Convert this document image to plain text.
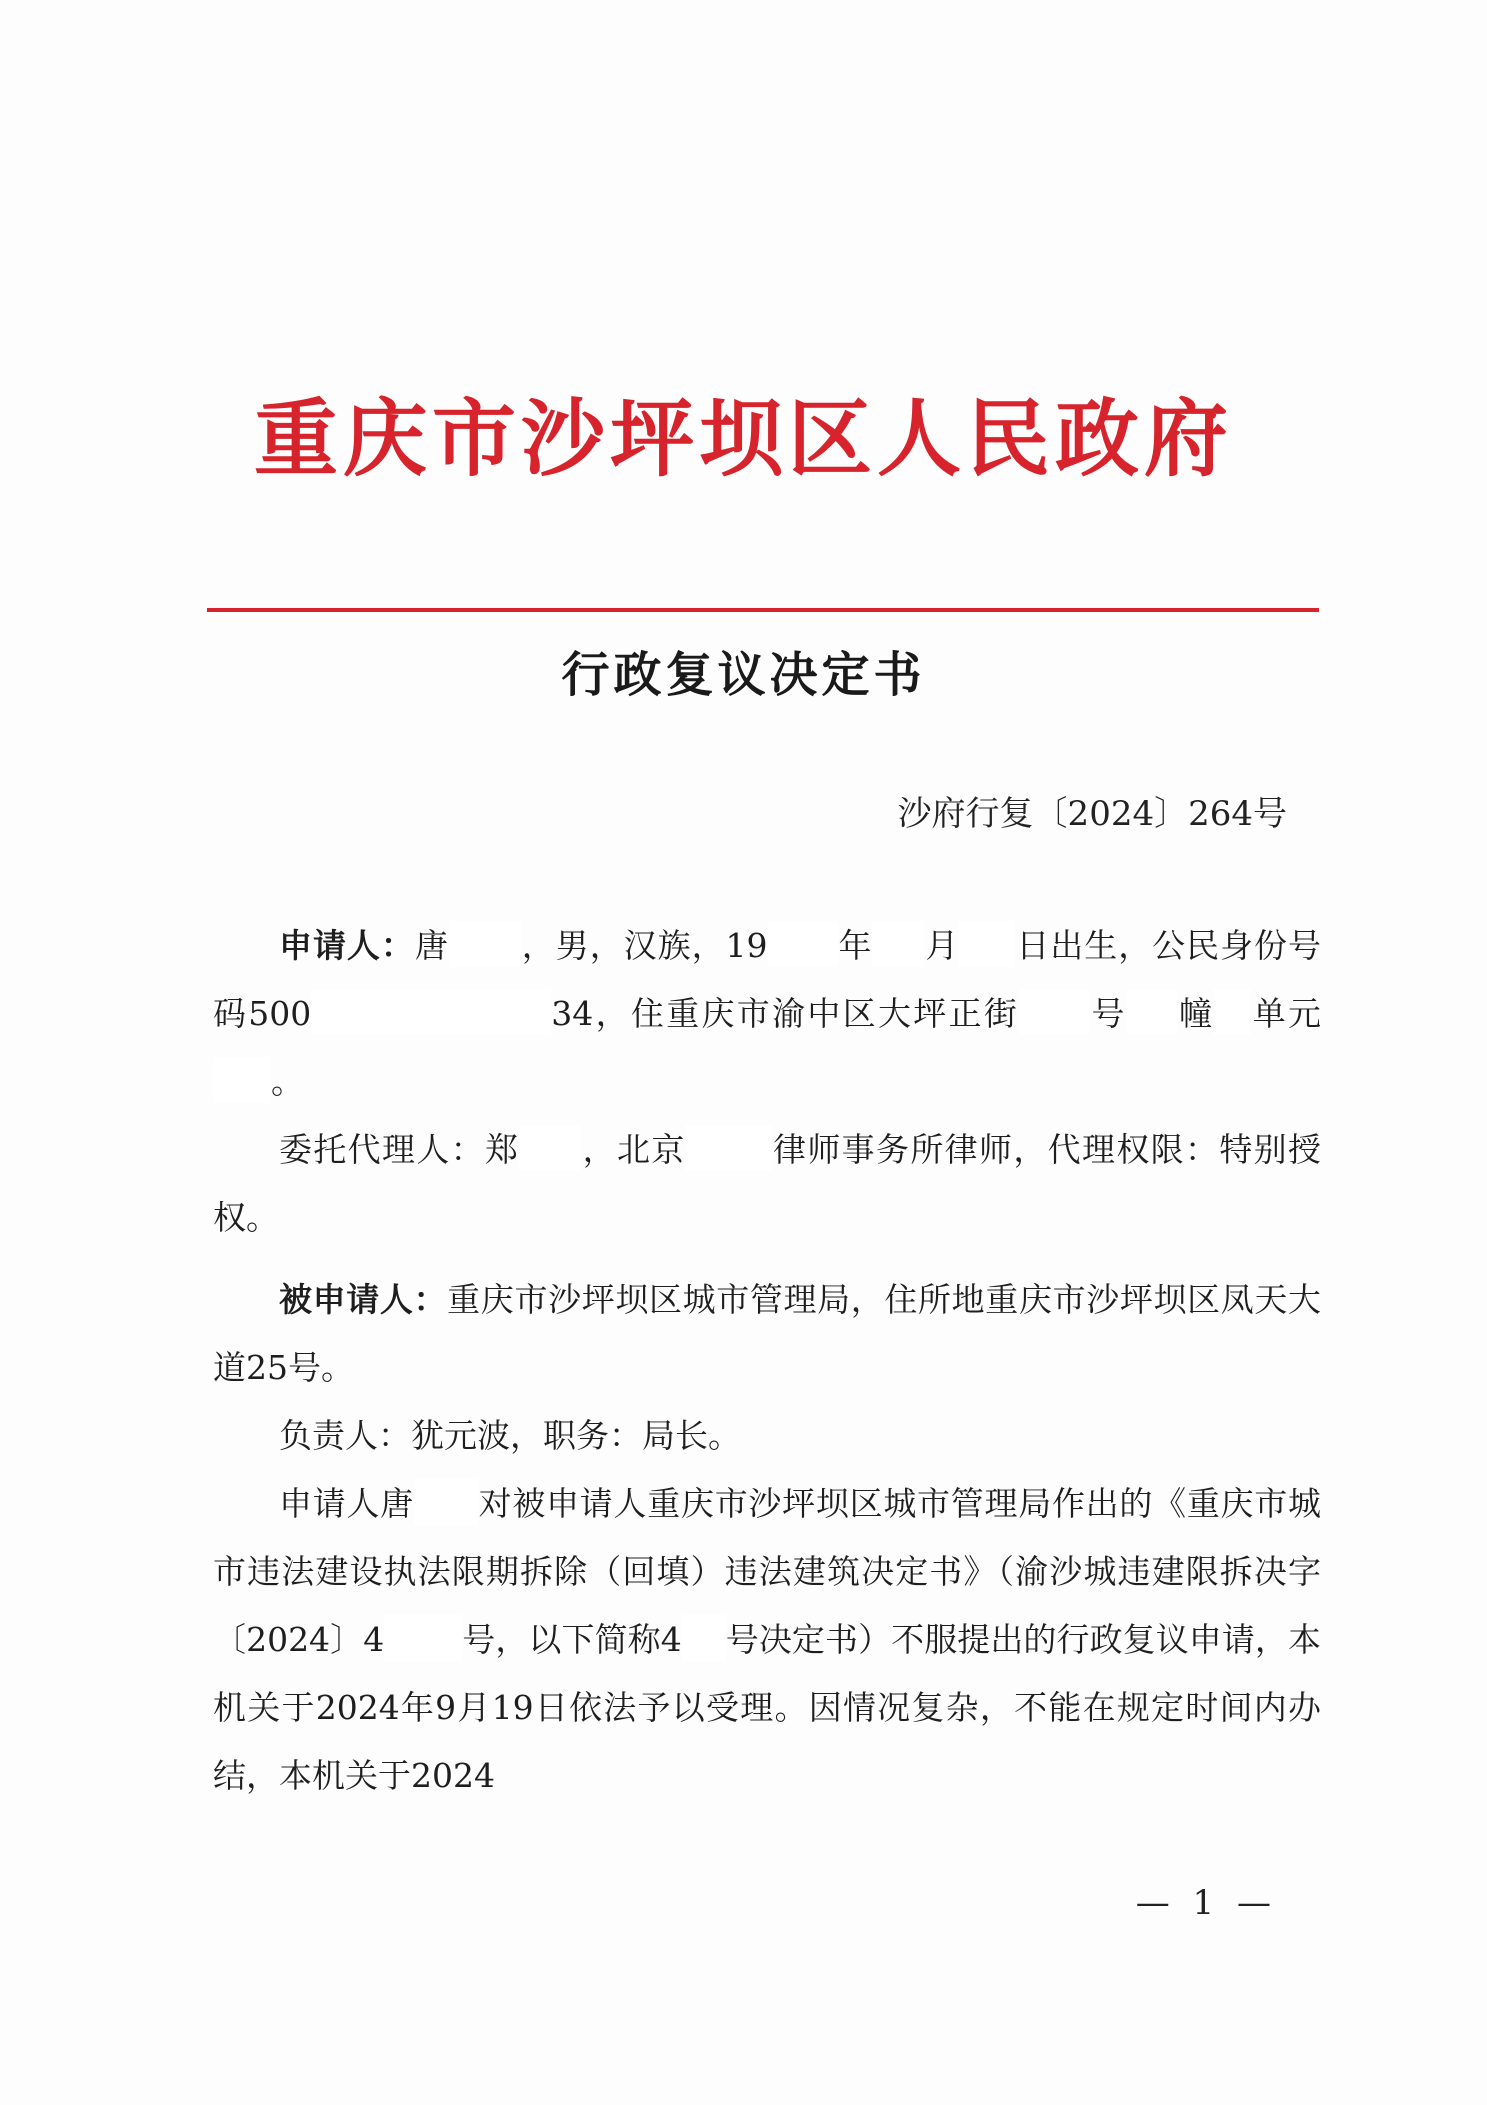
重庆市沙坪坝区人民政府
行政复议决定书
沙府行复〔2024〕264号

申请人：唐 ，男，汉族，19 年 月 日出生，公民身份号码500	34，住重庆市渝中区大坪正街 号 幢 单元。

委托代理人：郑 ，北京	律师事务所律师，代理权限：特别授权。

被申请人：重庆市沙坪坝区城市管理局，住所地重庆市沙坪坝区凤天大道25号。

负责人：犹元波，职务：局长。

申请人唐 对被申请人重庆市沙坪坝区城市管理局作出的《重庆市城市违法建设执法限期拆除（回填）违法建筑决定书》（渝沙城违建限拆决字〔2024〕4 号，以下简称4 号决定书）不服提出的行政复议申请，本机关于2024年9月19日依法予以受理。因情况复杂，不能在规定时间内办结，本机关于2024

— 1 —
